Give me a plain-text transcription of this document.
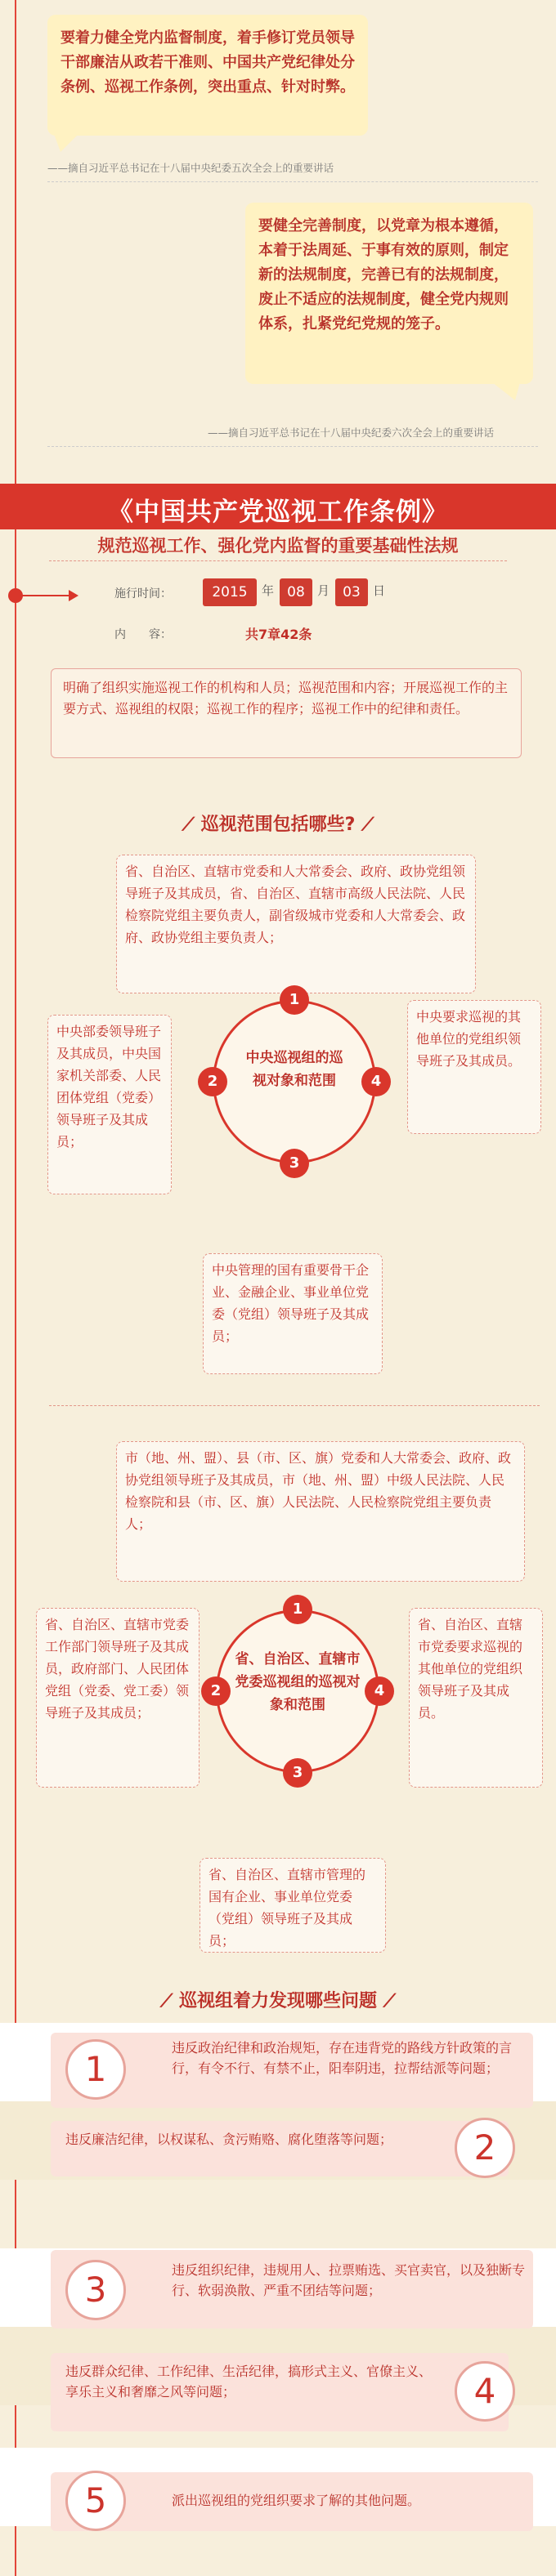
要着力健全党内监督制度，着手修订党员领导干部廉洁从政若干准则、中国共产党纪律处分条例、巡视工作条例，突出重点、针对时弊。
——摘自习近平总书记在十八届中央纪委五次全会上的重要讲话
要健全完善制度，以党章为根本遵循，本着于法周延、于事有效的原则，制定新的法规制度，完善已有的法规制度，废止不适应的法规制度，健全党内规则体系，扎紧党纪党规的笼子。
——摘自习近平总书记在十八届中央纪委六次全会上的重要讲话
《中国共产党巡视工作条例》
规范巡视工作、强化党内监督的重要基础性法规
施行时间：	2015	年 08	月 03	日
内　　容：	共7章42条
明确了组织实施巡视工作的机构和人员；巡视范围和内容；开展巡视工作的主要方式、巡视组的权限；巡视工作的程序；巡视工作中的纪律和责任。
⟋ 巡视范围包括哪些? ⟋
省、自治区、直辖市党委和人大常委会、政府、政协党组领导班子及其成员，省、自治区、直辖市高级人民法院、人民检察院党组主要负责人，副省级城市党委和人大常委会、政府、政协党组主要负责人；
中央部委领导班子及其成员，中央国家机关部委、人民团体党组（党委）领导班子及其成员；
中央要求巡视的其他单位的党组织领导班子及其成员。
中央管理的国有重要骨干企业、金融企业、事业单位党委（党组）领导班子及其成员；
中央巡视组的巡视对象和范围
1
2
3
4
市（地、州、盟）、县（市、区、旗）党委和人大常委会、政府、政协党组领导班子及其成员，市（地、州、盟）中级人民法院、人民检察院和县（市、区、旗）人民法院、人民检察院党组主要负责人；
省、自治区、直辖市党委工作部门领导班子及其成员，政府部门、人民团体党组（党委、党工委）领导班子及其成员；
省、自治区、直辖市党委要求巡视的其他单位的党组织领导班子及其成员。
省、自治区、直辖市管理的国有企业、事业单位党委（党组）领导班子及其成员；
省、自治区、直辖市党委巡视组的巡视对象和范围
1
2
3
4
⟋ 巡视组着力发现哪些问题 ⟋
1
违反政治纪律和政治规矩，存在违背党的路线方针政策的言行，有令不行、有禁不止，阳奉阴违，拉帮结派等问题；
2
违反廉洁纪律，以权谋私、贪污贿赂、腐化堕落等问题；
3	违反组织纪律，违规用人、拉票贿选、买官卖官，以及独断专行、软弱涣散、严重不团结等问题；
4
违反群众纪律、工作纪律、生活纪律，搞形式主义、官僚主义、享乐主义和奢靡之风等问题；
5	派出巡视组的党组织要求了解的其他问题。
